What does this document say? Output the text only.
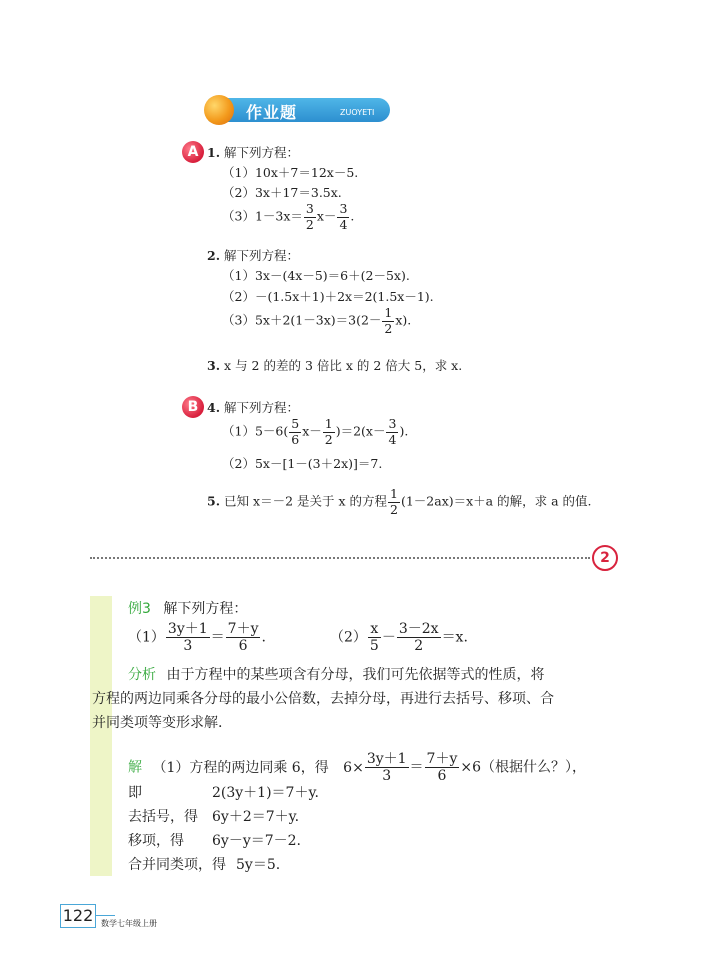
作业题	ZUOYETI
A 1. 解下列方程：
（1）10x＋7＝12x－5.
（2）3x＋17＝3.5x.
$(3)1-3x= \frac{3}{2} x- \frac{3}{4}$ .
2. 解下列方程：
（1）3x－(4x－5)＝6＋(2－5x).
（2）－(1.5x＋1)＋2x＝2(1.5x－1).
$(3)5x+2(1-3x)=3(2- \frac{1}{2} x)$.
3. x 与 2 的差的 3 倍比 x 的 2 倍大 5，求 x.
B 4. 解下列方程：
$(1)5-6( \frac{5}{6} x- \frac{1}{2} )=2(x- \frac{3}{4}$ ).
（2）5x－[1－(3＋2x)]＝7.
5. 已知 x＝－2 是关于 x 的方程 $\frac{1}{2} (1-2ax)=x+a$ 的解，求 a 的值.
2
例3 解下列方程：
$(1) \frac{3y+1}{3} = \frac{7+y}{6}$ .	$(2) \frac{x}{5} - \frac{3-2x}{2} =x$.
分析 由于方程中的某些项含有分母，我们可先依据等式的性质，将
方程的两边同乘各分母的最小公倍数，去掉分母，再进行去括号、移项、合
并同类项等变形求解.
解 （1）方程的两边同乘 6，得 $6\times \frac{3y+1}{3} = \frac{7+y}{6} \times 6$（根据什么？），
即	2(3y＋1)＝7＋y.
去括号，得 6y＋2＝7＋y.
移项，得 6y－y＝7－2.
合并同类项，得 5y＝5.
122 数学七年级上册
